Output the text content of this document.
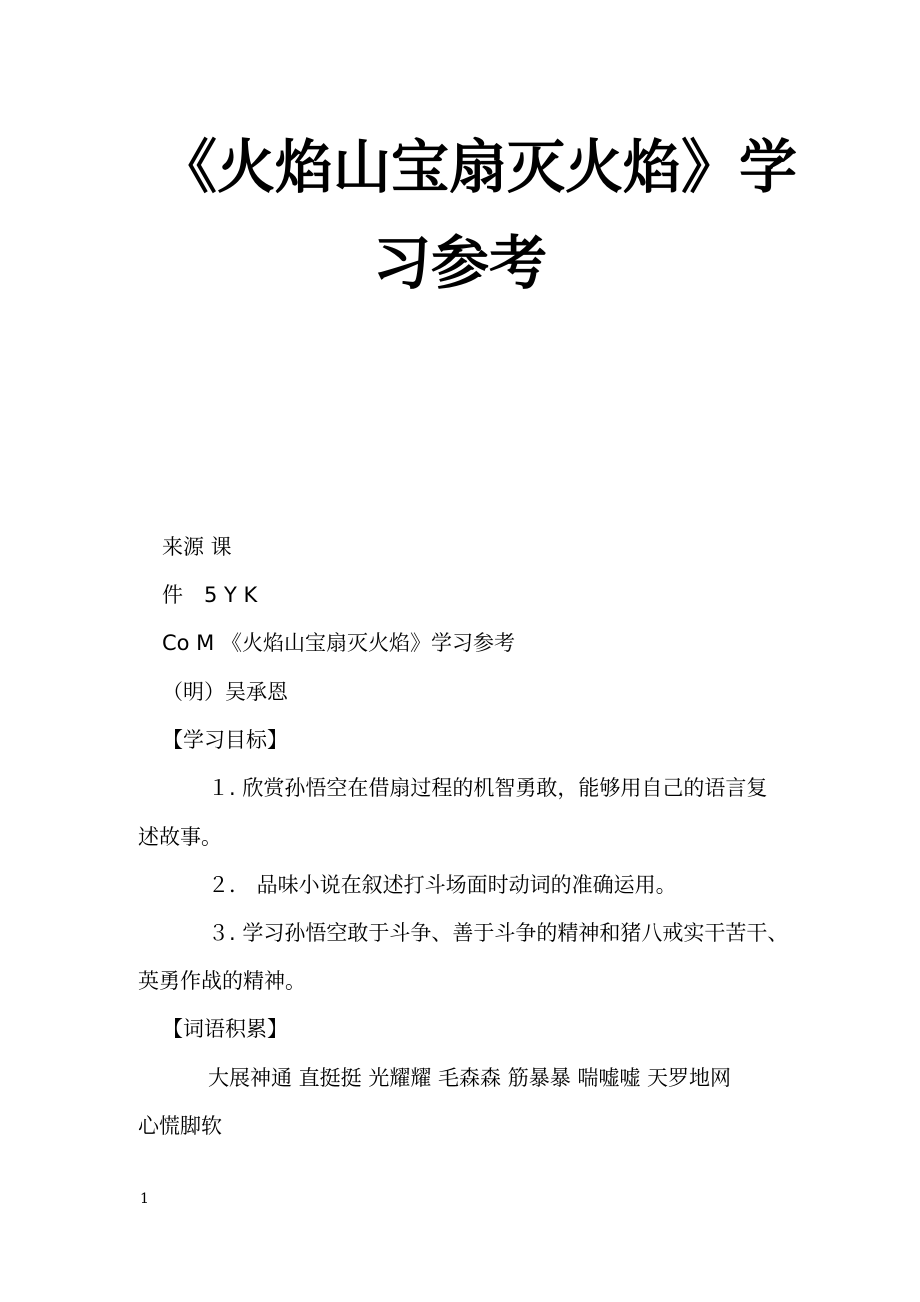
《火焰山宝扇灭火焰》学
习参考
来源 课
件　5 Y K
Co M 《火焰山宝扇灭火焰》学习参考
（明）吴承恩
【学习目标】
１. 欣赏孙悟空在借扇过程的机智勇敢，能够用自己的语言复
述故事。
２． 品味小说在叙述打斗场面时动词的准确运用。
３. 学习孙悟空敢于斗争、善于斗争的精神和猪八戒实干苦干、
英勇作战的精神。
【词语积累】
大展神通 直挺挺 光耀耀 毛森森 筋暴暴 喘嘘嘘 天罗地网
心慌脚软
1
